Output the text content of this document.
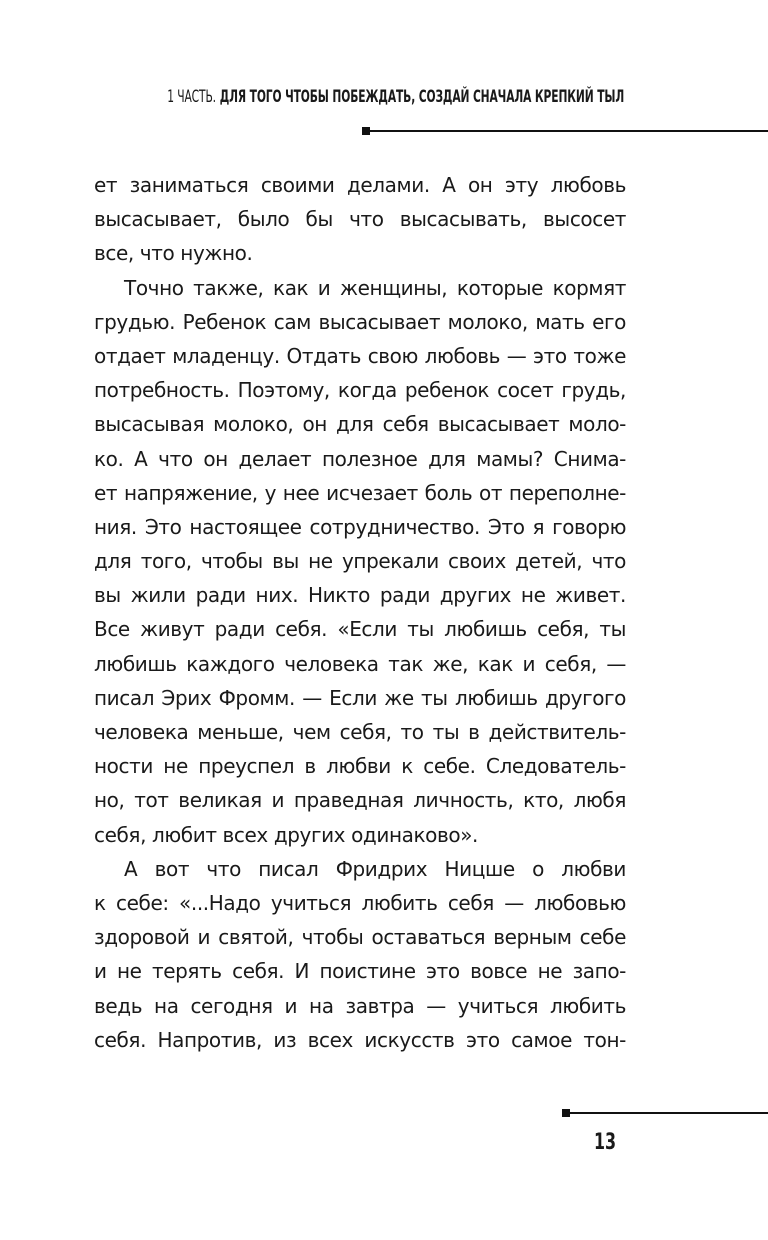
1 ЧАСТЬ. ДЛЯ ТОГО ЧТОБЫ ПОБЕЖДАТЬ, СОЗДАЙ СНАЧАЛА КРЕПКИЙ ТЫЛ
ет заниматься своими делами. А он эту любовь
высасывает, было бы что высасывать, высосет
все, что нужно.
Точно также, как и женщины, которые кормят
грудью. Ребенок сам высасывает молоко, мать его
отдает младенцу. Отдать свою любовь — это тоже
потребность. Поэтому, когда ребенок сосет грудь,
высасывая молоко, он для себя высасывает моло-
ко. А что он делает полезное для мамы? Снима-
ет напряжение, у нее исчезает боль от переполне-
ния. Это настоящее сотрудничество. Это я говорю
для того, чтобы вы не упрекали своих детей, что
вы жили ради них. Никто ради других не живет.
Все живут ради себя. «Если ты любишь себя, ты
любишь каждого человека так же, как и себя, —
писал Эрих Фромм. — Если же ты любишь другого
человека меньше, чем себя, то ты в действитель-
ности не преуспел в любви к себе. Следователь-
но, тот великая и праведная личность, кто, любя
себя, любит всех других одинаково».
А вот что писал Фридрих Ницше о любви
к себе: «...Надо учиться любить себя — любовью
здоровой и святой, чтобы оставаться верным себе
и не терять себя. И поистине это вовсе не запо-
ведь на сегодня и на завтра — учиться любить
себя. Напротив, из всех искусств это самое тон-
13
